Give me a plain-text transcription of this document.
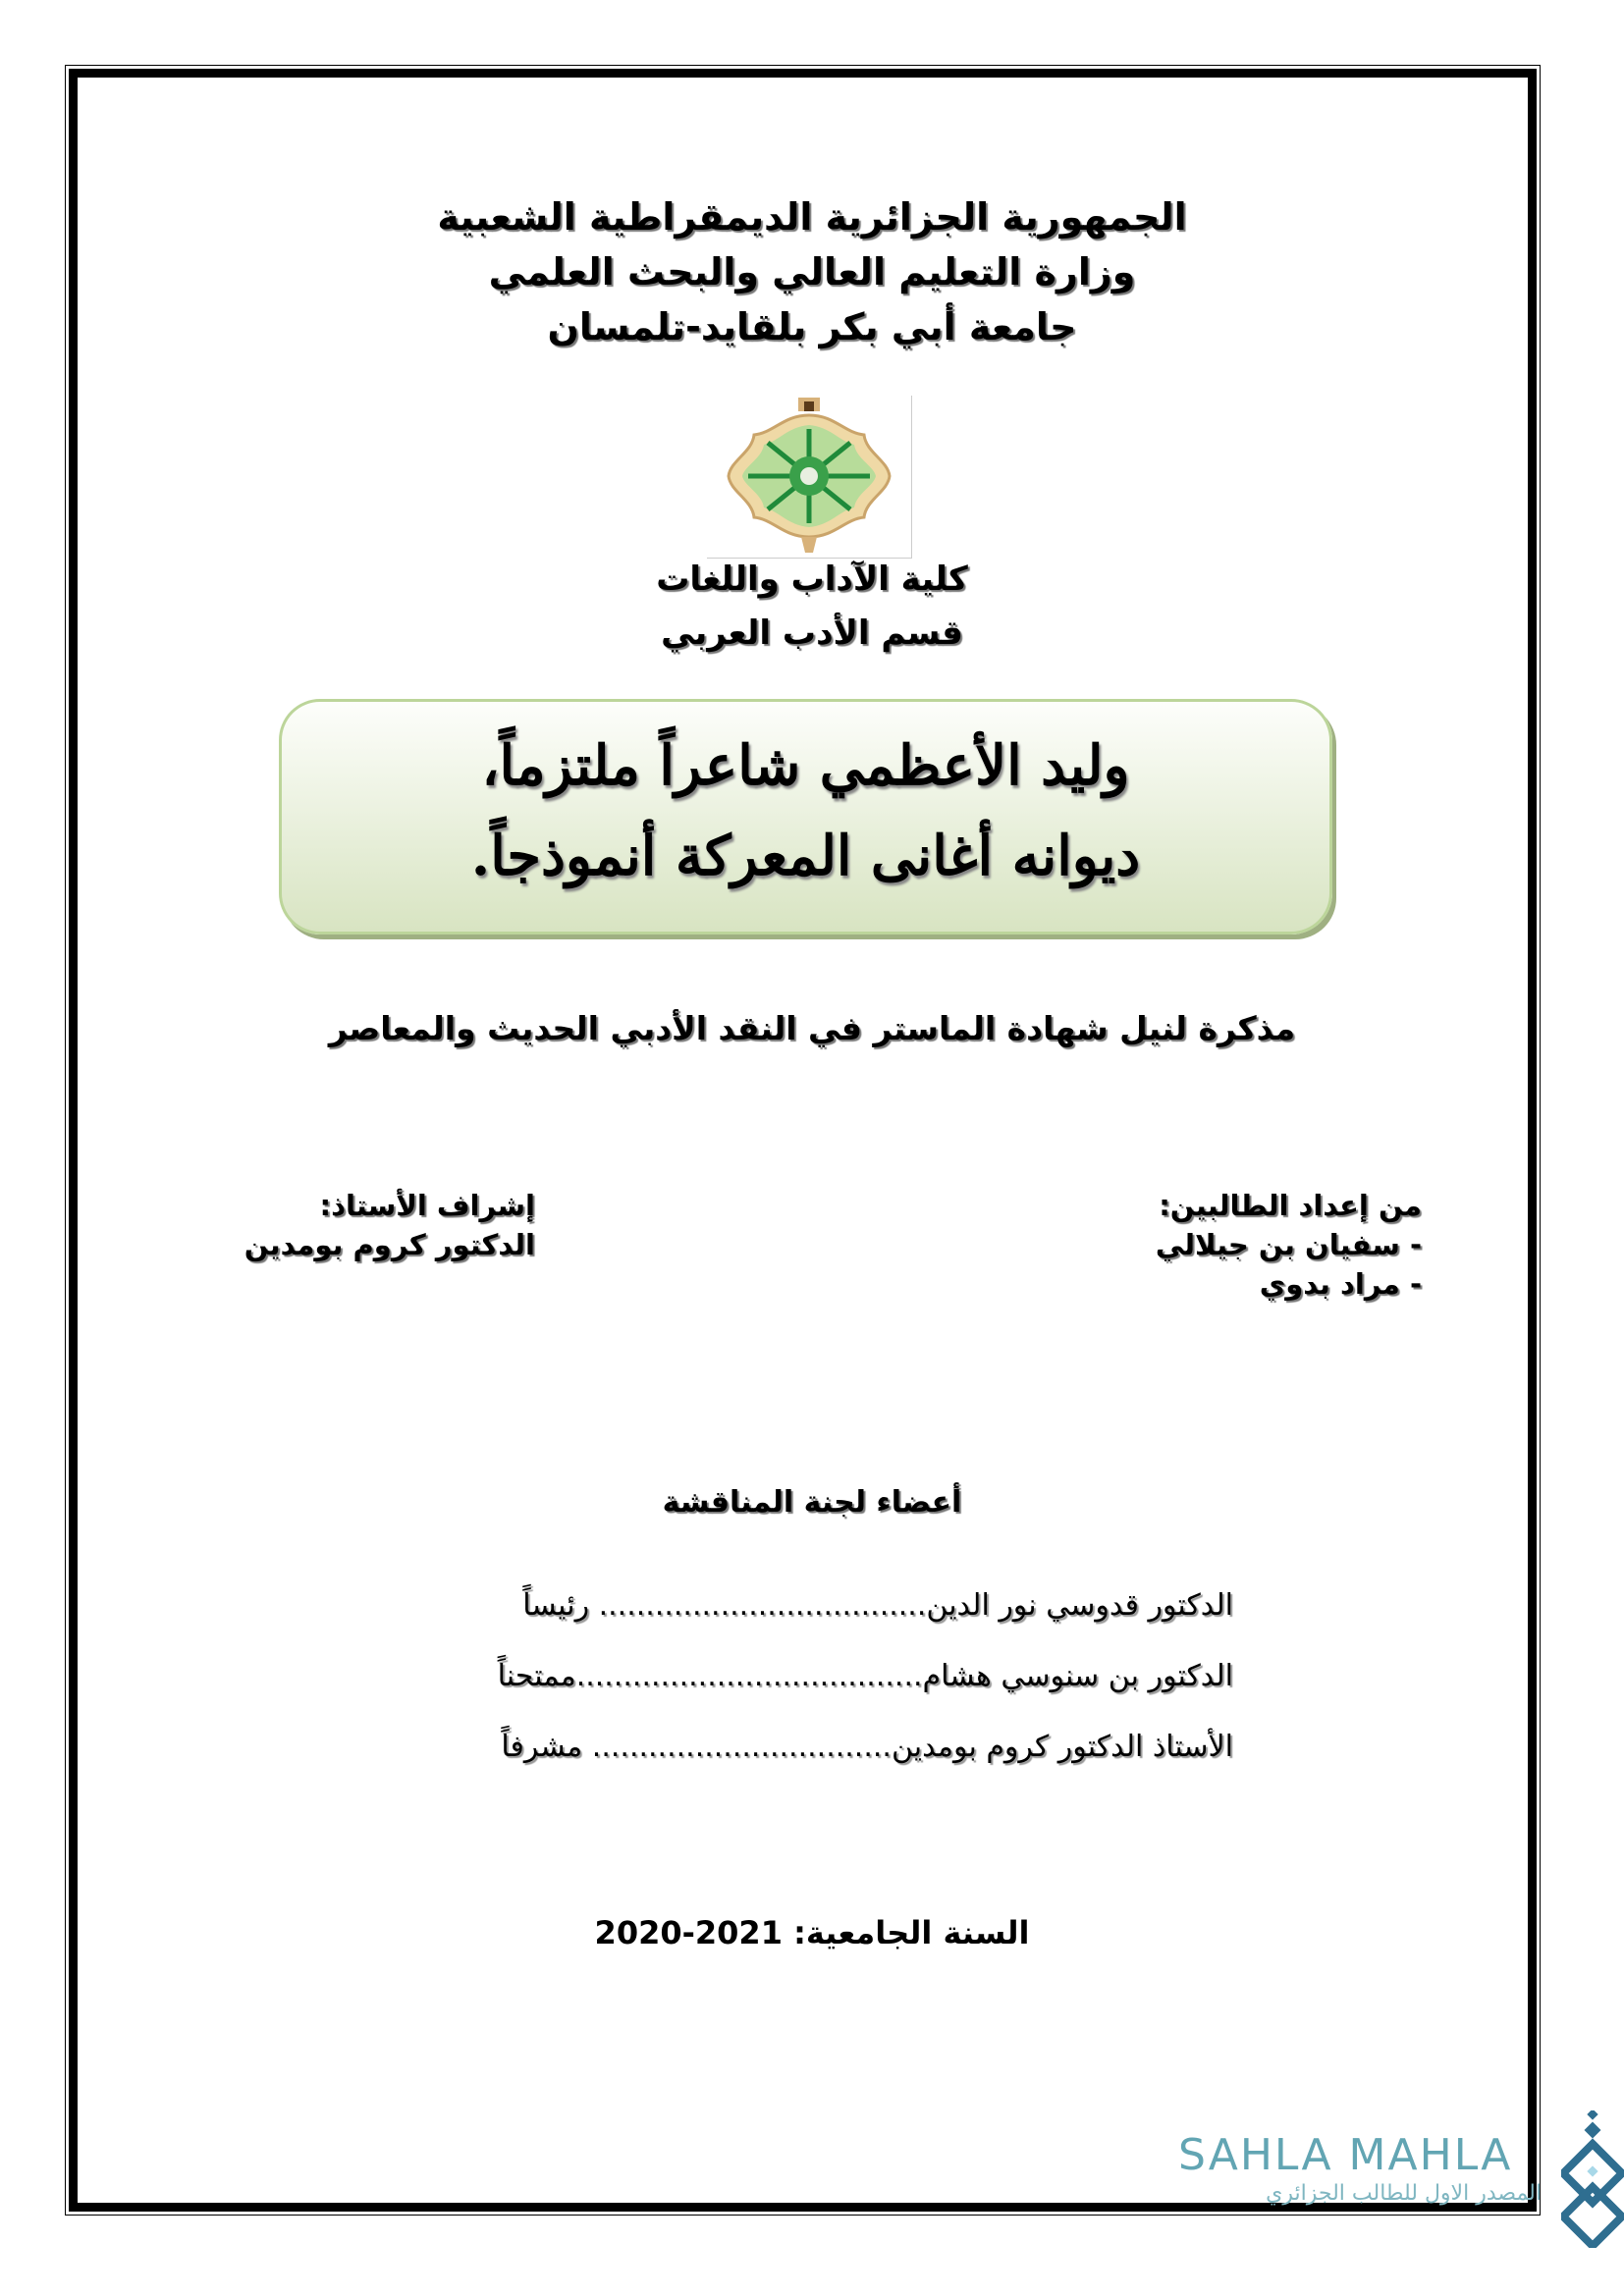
الجمهورية الجزائرية الديمقراطية الشعبية
وزارة التعليم العالي والبحث العلمي
جامعة أبي بكر بلقايد-تلمسان
كلية الآداب واللغات
قسم الأدب العربي
وليد الأعظمي شاعراً ملتزماً،
ديوانه أغانى المعركة أنموذجاً.
مذكرة لنيل شهادة الماستر في النقد الأدبي الحديث والمعاصر
من إعداد الطالبين:
- سفيان بن جيلالي
- مراد بدوي
إشراف الأستاذ:
الدكتور كروم بومدين
أعضاء لجنة المناقشة
الدكتور قدوسي نور الدين................................... رئيساً
الدكتور بن سنوسي هشام.....................................ممتحناً
الأستاذ الدكتور كروم بومدين................................ مشرفاً
السنة الجامعية: 2020-2021
SAHLA MAHLA
المصدر الاول للطالب الجزائري
